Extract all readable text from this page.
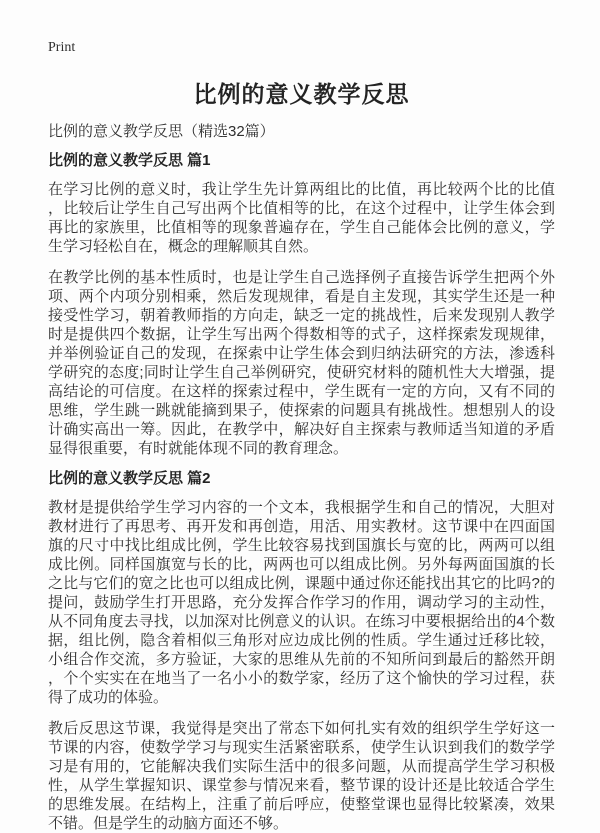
Print
比例的意义教学反思

比例的意义教学反思（精选32篇）

比例的意义教学反思 篇1

在学习比例的意义时，我让学生先计算两组比的比值，再比较两个比的比值，比较后让学生自己写出两个比值相等的比，在这个过程中，让学生体会到再比的家族里，比值相等的现象普遍存在，学生自己能体会比例的意义，学生学习轻松自在，概念的理解顺其自然。

在教学比例的基本性质时，也是让学生自己选择例子直接告诉学生把两个外项、两个内项分别相乘，然后发现规律，看是自主发现，其实学生还是一种接受性学习，朝着教师指的方向走，缺乏一定的挑战性，后来发现别人教学时是提供四个数据，让学生写出两个得数相等的式子，这样探索发现规律，并举例验证自己的发现，在探索中让学生体会到归纳法研究的方法，渗透科学研究的态度;同时让学生自己举例研究，使研究材料的随机性大大增强，提高结论的可信度。在这样的探索过程中，学生既有一定的方向，又有不同的思维，学生跳一跳就能摘到果子，使探索的问题具有挑战性。想想别人的设计确实高出一筹。因此，在教学中，解决好自主探索与教师适当知道的矛盾显得很重要，有时就能体现不同的教育理念。

比例的意义教学反思 篇2

教材是提供给学生学习内容的一个文本，我根据学生和自己的情况，大胆对教材进行了再思考、再开发和再创造，用活、用实教材。这节课中在四面国旗的尺寸中找比组成比例，学生比较容易找到国旗长与宽的比，两两可以组成比例。同样国旗宽与长的比，两两也可以组成比例。另外每两面国旗的长之比与它们的宽之比也可以组成比例，课题中通过你还能找出其它的比吗?的提问，鼓励学生打开思路，充分发挥合作学习的作用，调动学习的主动性，从不同角度去寻找，以加深对比例意义的认识。在练习中要根据给出的4个数据，组比例，隐含着相似三角形对应边成比例的性质。学生通过迁移比较，小组合作交流，多方验证，大家的思维从先前的不知所问到最后的豁然开朗，个个实实在在地当了一名小小的数学家，经历了这个愉快的学习过程，获得了成功的体验。

教后反思这节课，我觉得是突出了常态下如何扎实有效的组织学生学好这一节课的内容，使数学学习与现实生活紧密联系，使学生认识到我们的数学学习是有用的，它能解决我们实际生活中的很多问题，从而提高学生学习积极性，从学生掌握知识、课堂参与情况来看，整节课的设计还是比较适合学生的思维发展。在结构上，注重了前后呼应，使整堂课也显得比较紧凑，效果不错。但是学生的动脑方面还不够。
